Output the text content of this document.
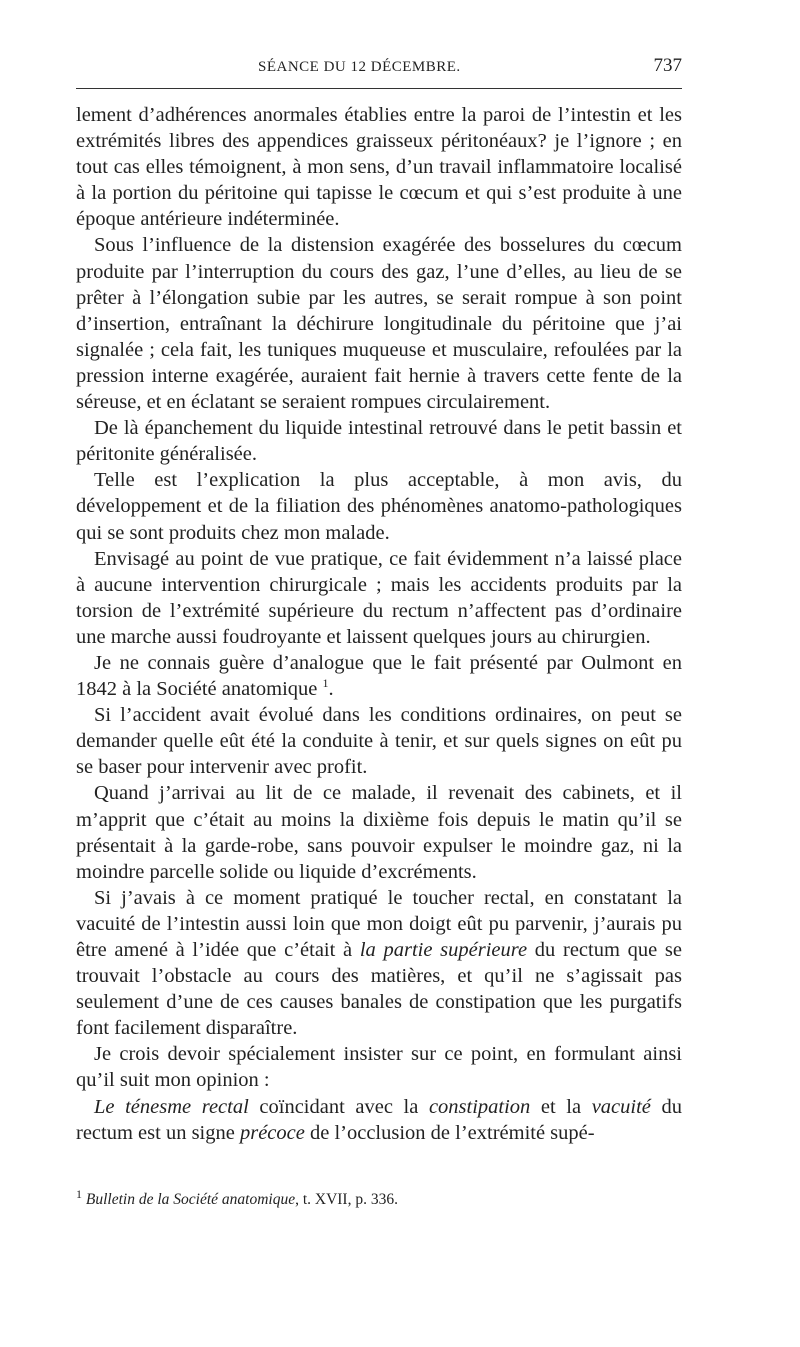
SÉANCE DU 12 DÉCEMBRE.	737

lement d’adhérences anormales établies entre la paroi de l’intestin et les extrémités libres des appendices graisseux péritonéaux? je l’ignore ; en tout cas elles témoignent, à mon sens, d’un travail inflammatoire localisé à la portion du péritoine qui tapisse le cœcum et qui s’est produite à une époque antérieure indéterminée.

Sous l’influence de la distension exagérée des bosselures du cœcum produite par l’interruption du cours des gaz, l’une d’elles, au lieu de se prêter à l’élongation subie par les autres, se serait rompue à son point d’insertion, entraînant la déchirure longitudinale du péritoine que j’ai signalée ; cela fait, les tuniques muqueuse et musculaire, refoulées par la pression interne exagérée, auraient fait hernie à travers cette fente de la séreuse, et en éclatant se seraient rompues circulairement.

De là épanchement du liquide intestinal retrouvé dans le petit bassin et péritonite généralisée.

Telle est l’explication la plus acceptable, à mon avis, du développement et de la filiation des phénomènes anatomo-pathologiques qui se sont produits chez mon malade.

Envisagé au point de vue pratique, ce fait évidemment n’a laissé place à aucune intervention chirurgicale ; mais les accidents produits par la torsion de l’extrémité supérieure du rectum n’affectent pas d’ordinaire une marche aussi foudroyante et laissent quelques jours au chirurgien.

Je ne connais guère d’analogue que le fait présenté par Oulmont en 1842 à la Société anatomique $^1$.

Si l’accident avait évolué dans les conditions ordinaires, on peut se demander quelle eût été la conduite à tenir, et sur quels signes on eût pu se baser pour intervenir avec profit.

Quand j’arrivai au lit de ce malade, il revenait des cabinets, et il m’apprit que c’était au moins la dixième fois depuis le matin qu’il se présentait à la garde-robe, sans pouvoir expulser le moindre gaz, ni la moindre parcelle solide ou liquide d’excréments.

Si j’avais à ce moment pratiqué le toucher rectal, en constatant la vacuité de l’intestin aussi loin que mon doigt eût pu parvenir, j’aurais pu être amené à l’idée que c’était à la partie supérieure du rectum que se trouvait l’obstacle au cours des matières, et qu’il ne s’agissait pas seulement d’une de ces causes banales de constipation que les purgatifs font facilement disparaître.

Je crois devoir spécialement insister sur ce point, en formulant ainsi qu’il suit mon opinion :

Le ténesme rectal coïncidant avec la constipation et la vacuité du rectum est un signe précoce de l’occlusion de l’extrémité supé-

$^1$ Bulletin de la Société anatomique, t. XVII, p. 336.
